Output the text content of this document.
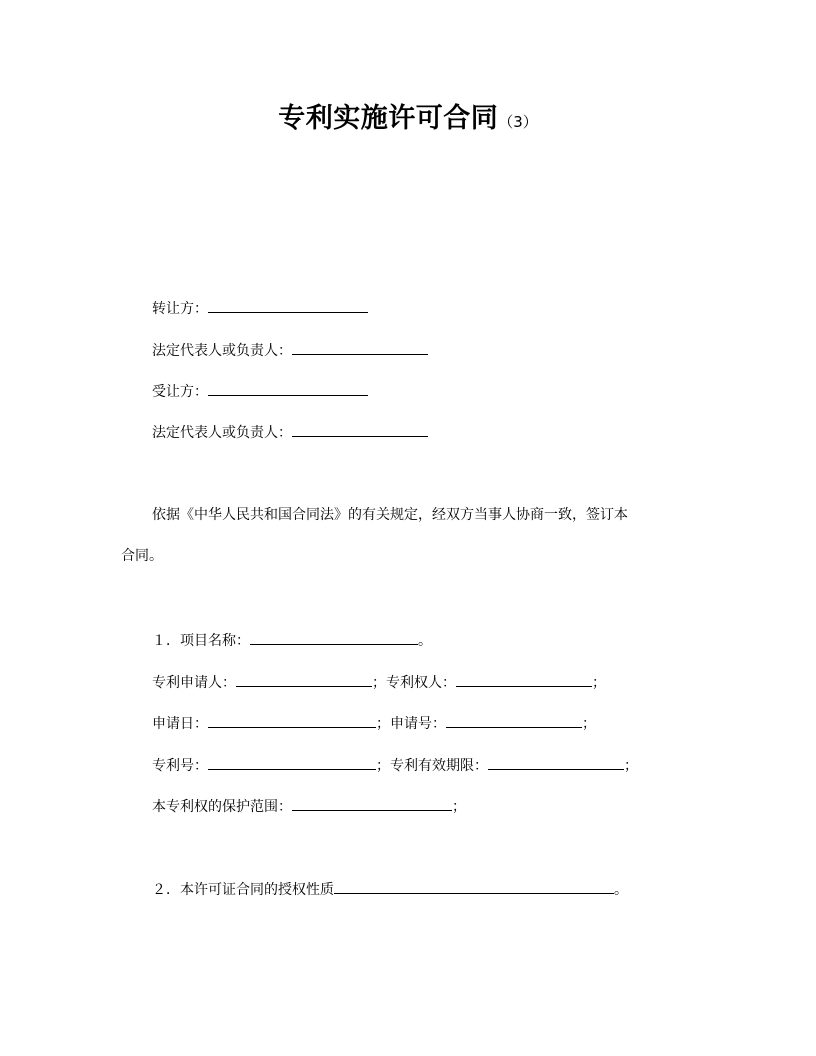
专利实施许可合同（3）
转让方：
法定代表人或负责人：
受让方：
法定代表人或负责人：
依据《中华人民共和国合同法》的有关规定，经双方当事人协商一致，签订本
合同。
１．项目名称：	。
专利申请人：	；专利权人：	；
申请日：	；申请号：	；
专利号：	；专利有效期限：	；
本专利权的保护范围：	；
２．本许可证合同的授权性质	。
